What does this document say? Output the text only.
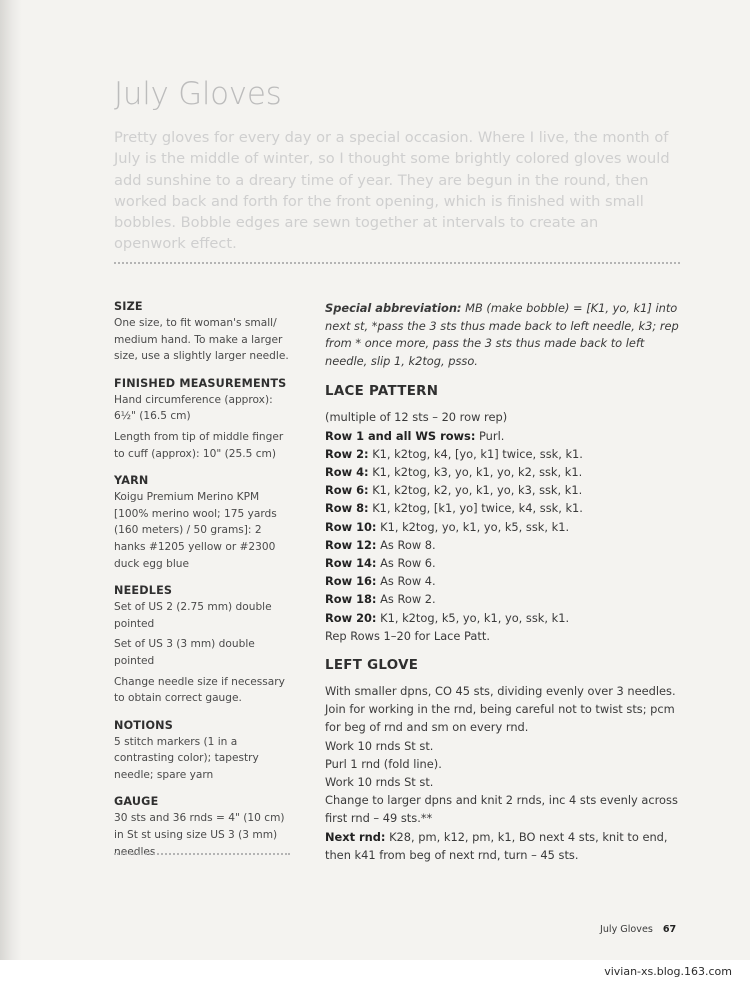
July Gloves

Pretty gloves for every day or a special occasion. Where I live, the month of July is the middle of winter, so I thought some brightly colored gloves would add sunshine to a dreary time of year. They are begun in the round, then worked back and forth for the front opening, which is finished with small bobbles. Bobble edges are sewn together at intervals to create an openwork effect.

SIZE

One size, to fit woman's small/ medium hand. To make a larger size, use a slightly larger needle.

FINISHED MEASUREMENTS

Hand circumference (approx): 6½" (16.5 cm)

Length from tip of middle finger to cuff (approx): 10" (25.5 cm)

YARN

Koigu Premium Merino KPM [100% merino wool; 175 yards (160 meters) / 50 grams]: 2 hanks #1205 yellow or #2300 duck egg blue

NEEDLES

Set of US 2 (2.75 mm) double pointed

Set of US 3 (3 mm) double pointed

Change needle size if necessary to obtain correct gauge.

NOTIONS

5 stitch markers (1 in a contrasting color); tapestry needle; spare yarn

GAUGE

30 sts and 36 rnds = 4" (10 cm) in St st using size US 3 (3 mm) needles

Special abbreviation: MB (make bobble) = [K1, yo, k1] into next st, *pass the 3 sts thus made back to left needle, k3; rep from * once more, pass the 3 sts thus made back to left needle, slip 1, k2tog, psso.

LACE PATTERN

(multiple of 12 sts – 20 row rep)

Row 1 and all WS rows: Purl.

Row 2: K1, k2tog, k4, [yo, k1] twice, ssk, k1.

Row 4: K1, k2tog, k3, yo, k1, yo, k2, ssk, k1.

Row 6: K1, k2tog, k2, yo, k1, yo, k3, ssk, k1.

Row 8: K1, k2tog, [k1, yo] twice, k4, ssk, k1.

Row 10: K1, k2tog, yo, k1, yo, k5, ssk, k1.

Row 12: As Row 8.

Row 14: As Row 6.

Row 16: As Row 4.

Row 18: As Row 2.

Row 20: K1, k2tog, k5, yo, k1, yo, ssk, k1.

Rep Rows 1–20 for Lace Patt.

LEFT GLOVE

With smaller dpns, CO 45 sts, dividing evenly over 3 needles. Join for working in the rnd, being careful not to twist sts; pcm for beg of rnd and sm on every rnd.

Work 10 rnds St st.

Purl 1 rnd (fold line).

Work 10 rnds St st.

Change to larger dpns and knit 2 rnds, inc 4 sts evenly across first rnd – 49 sts.**

Next rnd: K28, pm, k12, pm, k1, BO next 4 sts, knit to end, then k41 from beg of next rnd, turn – 45 sts.

July Gloves 67
vivian-xs.blog.163.com
